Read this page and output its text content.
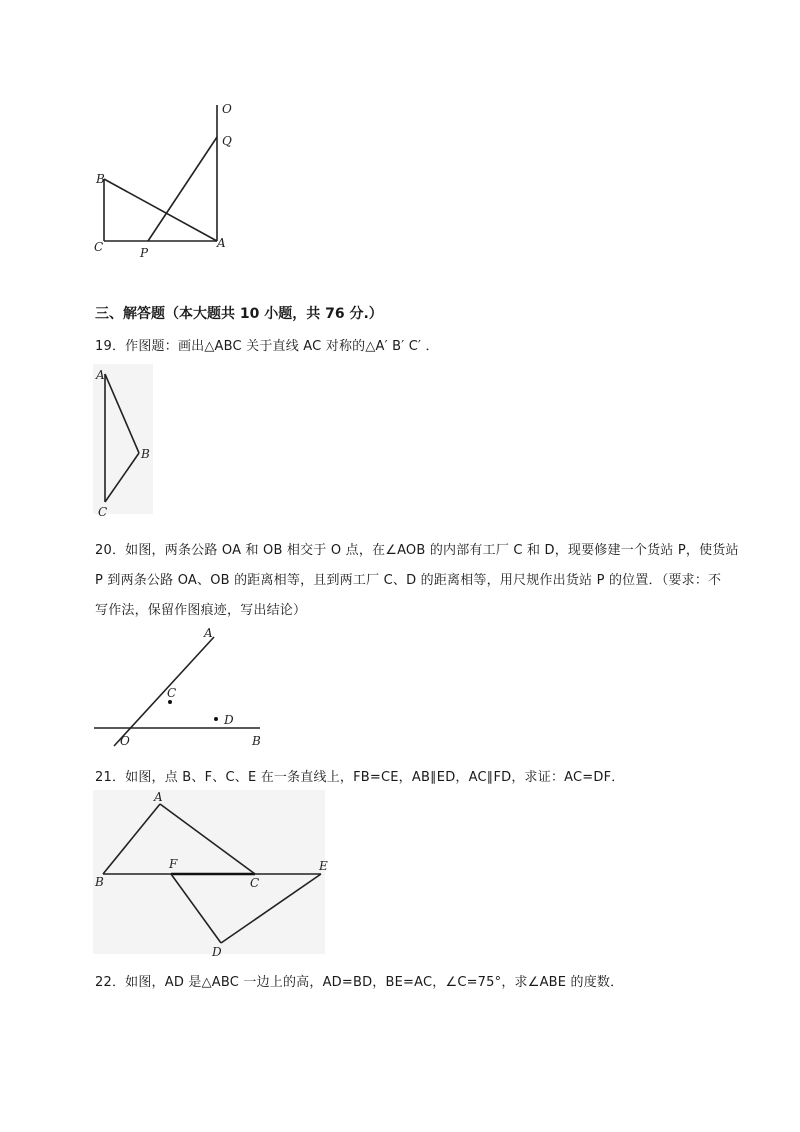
O
Q
B
C	P
A
三、解答题（本大题共 10 小题，共 76 分.）
19．作图题：画出△ABC 关于直线 AC 对称的△A′ B′ C′ ．
A
B
C
20．如图，两条公路 OA 和 OB 相交于 O 点，在∠AOB 的内部有工厂 C 和 D，现要修建一个货站 P，使货站
P 到两条公路 OA、OB 的距离相等，且到两工厂 C、D 的距离相等，用尺规作出货站 P 的位置．（要求：不
写作法，保留作图痕迹，写出结论）
A
C
D
O	B
21．如图，点 B、F、C、E 在一条直线上，FB=CE，AB∥ED，AC∥FD，求证：AC=DF．
A
F	E
B	C
D
22．如图，AD 是△ABC 一边上的高，AD=BD，BE=AC，∠C=75°，求∠ABE 的度数．
